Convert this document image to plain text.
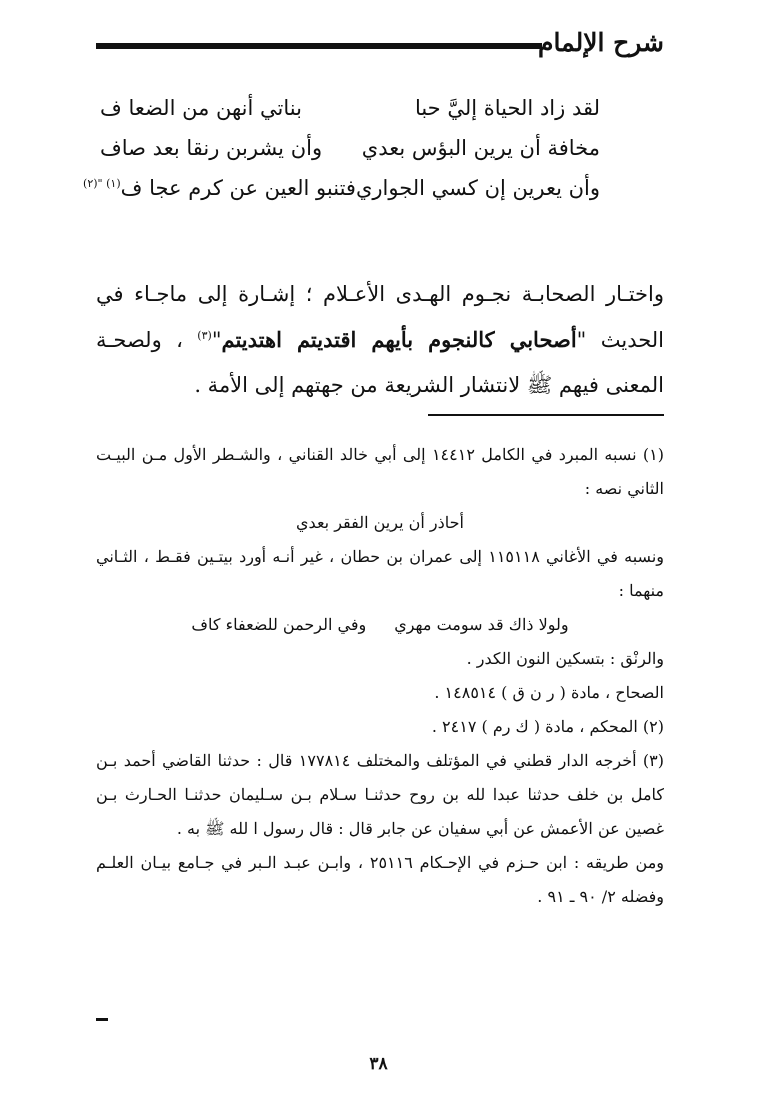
شرح الإلمام
لقد زاد الحياة إليَّ حبا
بناتي أنهن من الضعا ف
مخافة أن يرين البؤس بعدي
وأن يشربن رنقا بعد صاف
وأن يعرين إن كسي الجواري
فتنبو العين عن كرم عجا ف$^{(١) "(٢)}$
واختـار الصحابـة نجـوم الهـدى الأعـلام ؛ إشـارة إلى ماجـاء في الحديث "أصحابي كالنجوم بأيهم اقتديتم اهتديتم"$^{(٣)}$ ، ولصحـة المعنى فيهم ﷺ لانتشار الشريعة من جهتهم إلى الأمة .
(١) نسبه المبرد في الكامل ١٤٤١٢ إلى أبي خالد القناني ، والشـطر الأول مـن البيـت الثاني نصه :
أحاذر أن يرين الفقر بعدي
ونسبه في الأغاني ١١٥١١٨ إلى عمران بن حطان ، غير أنـه أورد بيتـين فقـط ، الثـاني منهما :
ولولا ذاك قد سومت مهري
وفي الرحمن للضعفاء كاف
والرنْق : بتسكين النون الكدر .
الصحاح ، مادة ( ر ن ق ) ١٤٨٥١٤ .
(٢) المحكم ، مادة ( ك رم ) ٢٤١٧ .
(٣) أخرجه الدار قطني في المؤتلف والمختلف ١٧٧٨١٤ قال : حدثنا القاضي أحمد بـن كامل بن خلف حدثنا عبدا لله بن روح حدثنـا سـلام بـن سـليمان حدثنـا الحـارث بـن غصين عن الأعمش عن أبي سفيان عن جابر قال : قال رسول ا لله ﷺ به .
ومن طريقه : ابن حـزم في الإحـكام ٢٥١١٦ ، وابـن عبـد الـبر في جـامع بيـان العلـم وفضله ٢/ ٩٠ ـ ٩١ .
٣٨
